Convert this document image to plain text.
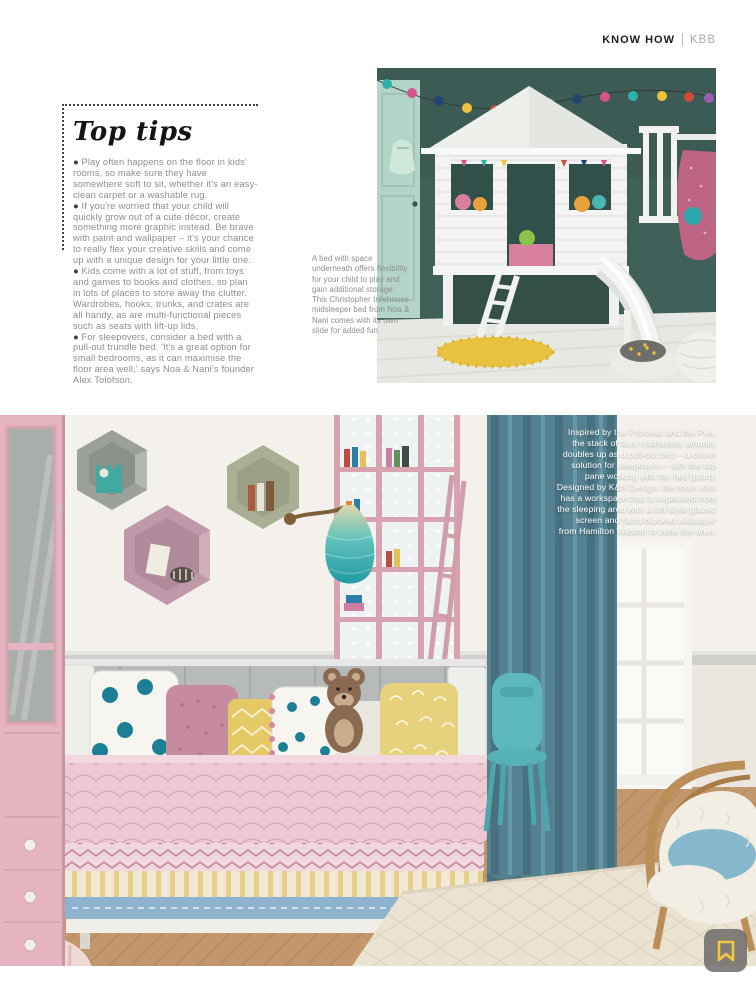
KNOW HOW KBB
Top tips

● Play often happens on the floor in kids' rooms, so make sure they have somewhere soft to sit, whether it's an easy-clean carpet or a washable rug.

● If you're worried that your child will quickly grow out of a cute décor, create something more graphic instead. Be brave with paint and wallpaper – it's your chance to really flex your creative skills and come up with a unique design for your little one.

● Kids come with a lot of stuff, from toys and games to books and clothes, so plan in lots of places to store away the clutter. Wardrobes, hooks, trunks, and crates are all handy, as are multi-functional pieces such as seats with lift-up lids.

● For sleepovers, consider a bed with a pull-out trundle bed. 'It's a great option for small bedrooms, as it can maximise the floor area well,' says Noa & Nani's founder Alex Tolofson.

A bed with space underneath offers flexibility for your child to play and gain additional storage. This Christopher treehouse midsleeper bed from Noa & Nani comes with its own slide for added fun
Inspired by the Princess and the Pea, the stack of faux mattresses actually doubles up as a pull-out bed – a clever solution for sleepovers – with the top pane working with the bed guard. Designed by K&H Design, the room also has a workspace that is separated from the sleeping area with a loft-style glazed screen and hand-blocked wallpaper from Hamilton Weston to zone the area.
